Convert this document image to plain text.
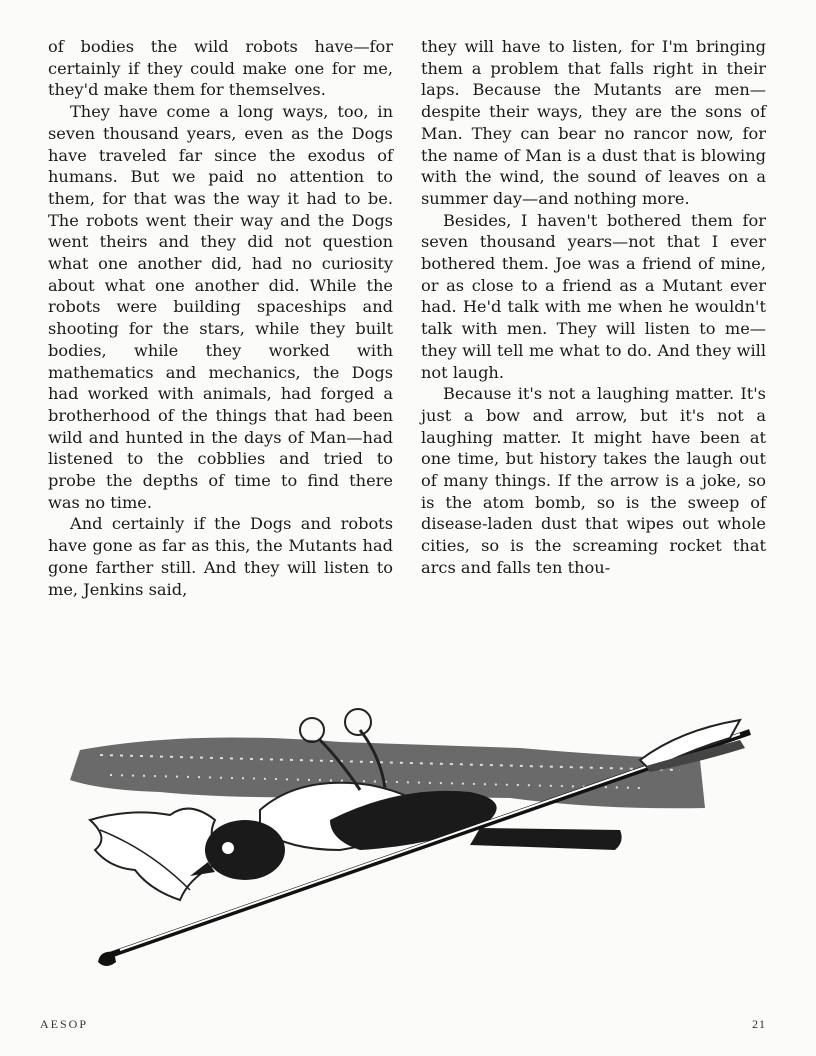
of bodies the wild robots have—for certainly if they could make one for me, they'd make them for themselves.

They have come a long ways, too, in seven thousand years, even as the Dogs have traveled far since the exodus of humans. But we paid no attention to them, for that was the way it had to be. The robots went their way and the Dogs went theirs and they did not question what one another did, had no curiosity about what one another did. While the robots were building spaceships and shooting for the stars, while they built bodies, while they worked with mathematics and mechanics, the Dogs had worked with animals, had forged a brotherhood of the things that had been wild and hunted in the days of Man—had listened to the cobblies and tried to probe the depths of time to find there was no time.

And certainly if the Dogs and robots have gone as far as this, the Mutants had gone farther still. And they will listen to me, Jenkins said,

they will have to listen, for I'm bringing them a problem that falls right in their laps. Because the Mutants are men— despite their ways, they are the sons of Man. They can bear no rancor now, for the name of Man is a dust that is blowing with the wind, the sound of leaves on a summer day—and nothing more.

Besides, I haven't bothered them for seven thousand years—not that I ever bothered them. Joe was a friend of mine, or as close to a friend as a Mutant ever had. He'd talk with me when he wouldn't talk with men. They will listen to me—they will tell me what to do. And they will not laugh.

Because it's not a laughing matter. It's just a bow and arrow, but it's not a laughing matter. It might have been at one time, but history takes the laugh out of many things. If the arrow is a joke, so is the atom bomb, so is the sweep of disease-laden dust that wipes out whole cities, so is the screaming rocket that arcs and falls ten thou-

AESOP	21
